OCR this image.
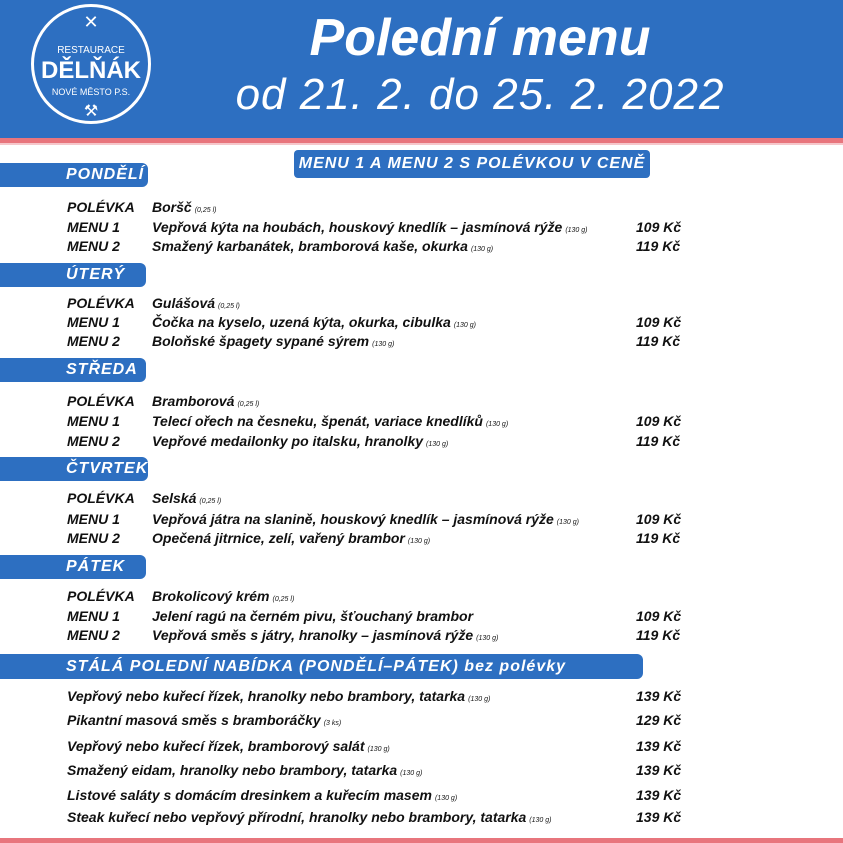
✕
RESTAURACE
DĚLŇÁK
NOVÉ MĚSTO P.S.
⚒
Polední menu
od 21. 2. do 25. 2. 2022
MENU 1 A MENU 2 S POLÉVKOU V CENĚ
PONDĚLÍ
POLÉVKA Boršč (0,25 l)
MENU 1 Vepřová kýta na houbách, houskový knedlík – jasmínová rýže (130 g)	109 Kč
MENU 2 Smažený karbanátek, bramborová kaše, okurka (130 g)	119 Kč
ÚTERÝ
POLÉVKA Gulášová (0,25 l)
MENU 1 Čočka na kyselo, uzená kýta, okurka, cibulka (130 g)	109 Kč
MENU 2 Boloňské špagety sypané sýrem (130 g)	119 Kč
STŘEDA
POLÉVKA Bramborová (0,25 l)
MENU 1 Telecí ořech na česneku, špenát, variace knedlíků (130 g)	109 Kč
MENU 2 Vepřové medailonky po italsku, hranolky (130 g)	119 Kč
ČTVRTEK
POLÉVKA Selská (0,25 l)
MENU 1 Vepřová játra na slanině, houskový knedlík – jasmínová rýže (130 g)	109 Kč
MENU 2 Opečená jitrnice, zelí, vařený brambor (130 g)	119 Kč
PÁTEK
POLÉVKA Brokolicový krém (0,25 l)
MENU 1 Jelení ragú na černém pivu, šťouchaný brambor	109 Kč
MENU 2 Vepřová směs s játry, hranolky – jasmínová rýže (130 g)	119 Kč
STÁLÁ POLEDNÍ NABÍDKA (PONDĚLÍ–PÁTEK) bez polévky
Vepřový nebo kuřecí řízek, hranolky nebo brambory, tatarka (130 g)	139 Kč
Pikantní masová směs s bramboráčky (3 ks)	129 Kč
Vepřový nebo kuřecí řízek, bramborový salát (130 g)	139 Kč
Smažený eidam, hranolky nebo brambory, tatarka (130 g)	139 Kč
Listové saláty s domácím dresinkem a kuřecím masem (130 g)	139 Kč
Steak kuřecí nebo vepřový přírodní, hranolky nebo brambory, tatarka (130 g)	139 Kč
